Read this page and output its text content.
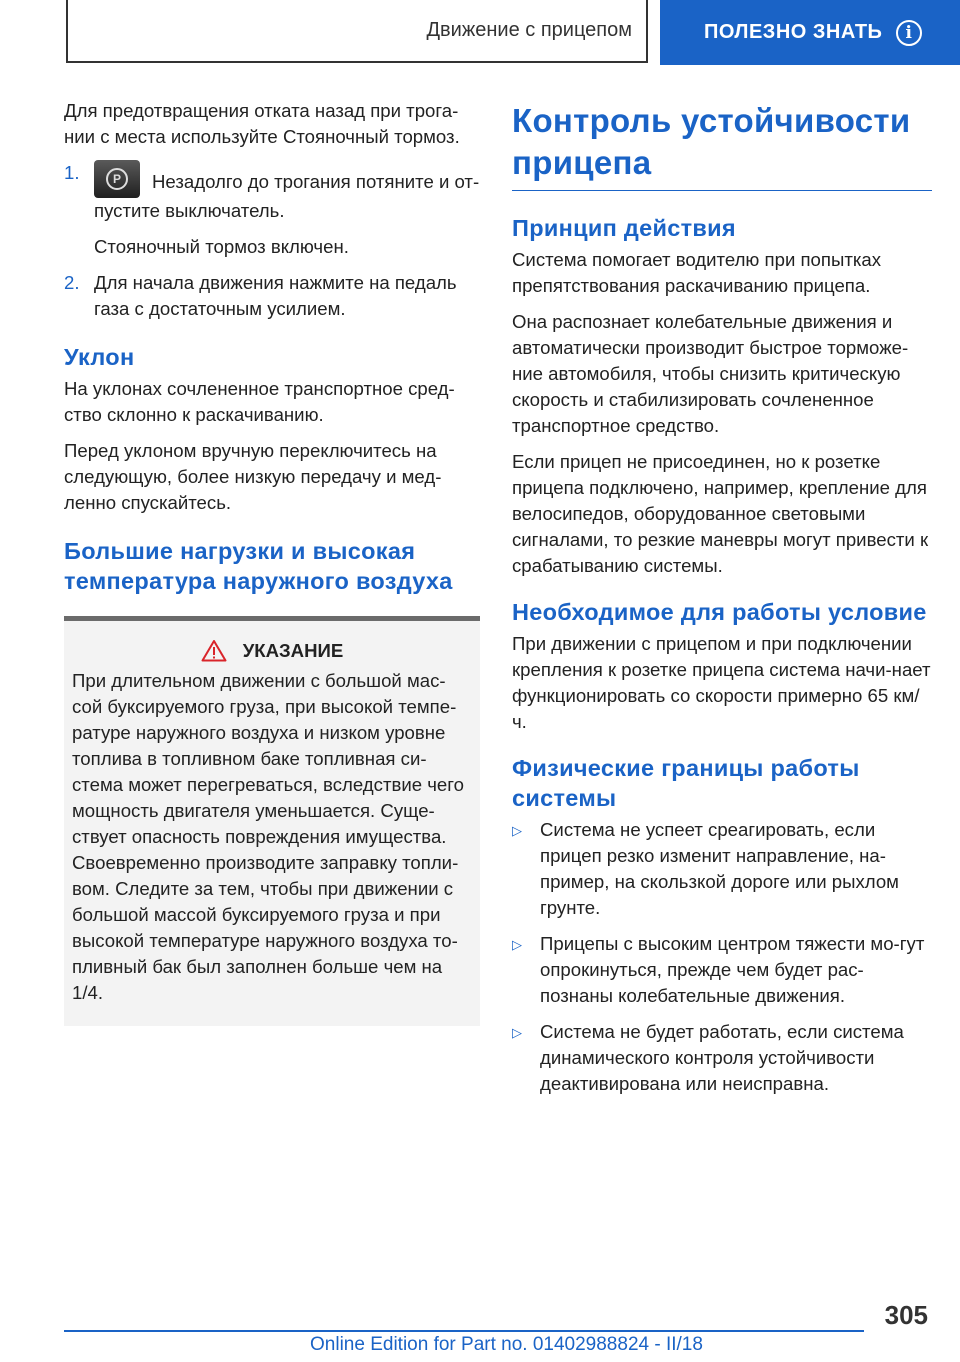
Движение с прицепом	ПОЛЕЗНО ЗНАТЬ	i

Для предотвращения отката назад при трога-нии с места используйте Стояночный тормоз.

1.	P	Незадолго до трогания потяните и от-пустите выключатель.
Стояночный тормоз включен.
2. Для начала движения нажмите на педаль газа с достаточным усилием.
Уклон

На уклонах сочлененное транспортное сред-ство склонно к раскачиванию.

Перед уклоном вручную переключитесь на следующую, более низкую передачу и мед-ленно спускайтесь.

Большие нагрузки и высокая температура наружного воздуха
УКАЗАНИЕ

При длительном движении с большой мас-сой буксируемого груза, при высокой темпе-ратуре наружного воздуха и низком уровне топлива в топливном баке топливная си-стема может перегреваться, вследствие чего мощность двигателя уменьшается. Суще-ствует опасность повреждения имущества. Своевременно производите заправку топли-вом. Следите за тем, чтобы при движении с большой массой буксируемого груза и при высокой температуре наружного воздуха то-пливный бак был заполнен больше чем на 1/4.

Контроль устойчивости прицепа
Принцип действия

Система помогает водителю при попытках препятствования раскачиванию прицепа.

Она распознает колебательные движения и автоматически производит быстрое торможе-ние автомобиля, чтобы снизить критическую скорость и стабилизировать сочлененное транспортное средство.

Если прицеп не присоединен, но к розетке прицепа подключено, например, крепление для велосипедов, оборудованное световыми сигналами, то резкие маневры могут привести к срабатыванию системы.

Необходимое для работы условие

При движении с прицепом и при подключении крепления к розетке прицепа система начи-нает функционировать со скорости примерно 65 км/ч.

Физические границы работы системы
▷ Система не успеет среагировать, если прицеп резко изменит направление, на-пример, на скользкой дороге или рыхлом грунте.
▷ Прицепы с высоким центром тяжести мо-гут опрокинуться, прежде чем будет рас-познаны колебательные движения.
▷ Система не будет работать, если система динамического контроля устойчивости деактивирована или неисправна.
305
Online Edition for Part no. 01402988824 - II/18
